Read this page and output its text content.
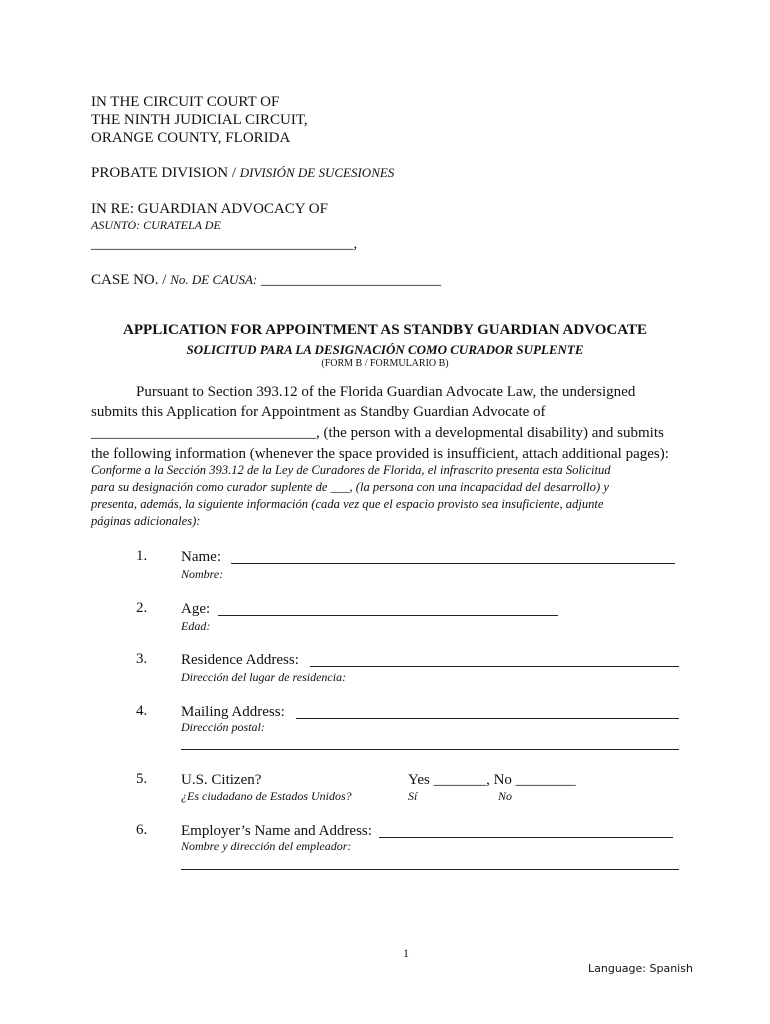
IN THE CIRCUIT COURT OF
THE NINTH JUDICIAL CIRCUIT,
ORANGE COUNTY, FLORIDA
PROBATE DIVISION / DIVISIÓN DE SUCESIONES
IN RE: GUARDIAN ADVOCACY OF
ASUNTO: CURATELA DE
___________________________________,
CASE NO. / No. DE CAUSA: ________________________
APPLICATION FOR APPOINTMENT AS STANDBY GUARDIAN ADVOCATE
SOLICITUD PARA LA DESIGNACIÓN COMO CURADOR SUPLENTE
(FORM B / FORMULARIO B)
Pursuant to Section 393.12 of the Florida Guardian Advocate Law, the undersigned
submits this Application for Appointment as Standby Guardian Advocate of
______________________________, (the person with a developmental disability) and submits
the following information (whenever the space provided is insufficient, attach additional pages):
Conforme a la Sección 393.12 de la Ley de Curadores de Florida, el infrascrito presenta esta Solicitud
para su designación como curador suplente de ___, (la persona con una incapacidad del desarrollo) y
presenta, además, la siguiente información (cada vez que el espacio provisto sea insuficiente, adjunte
páginas adicionales):
1. Name:
Nombre:
2. Age:
Edad:
3. Residence Address:
Dirección del lugar de residencia:
4. Mailing Address:
Dirección postal:
5. U.S. Citizen?	Yes _______, No ________
¿Es ciudadano de Estados Unidos?	Sí	No
6. Employer’s Name and Address:
Nombre y dirección del empleador:
1
Language: Spanish
